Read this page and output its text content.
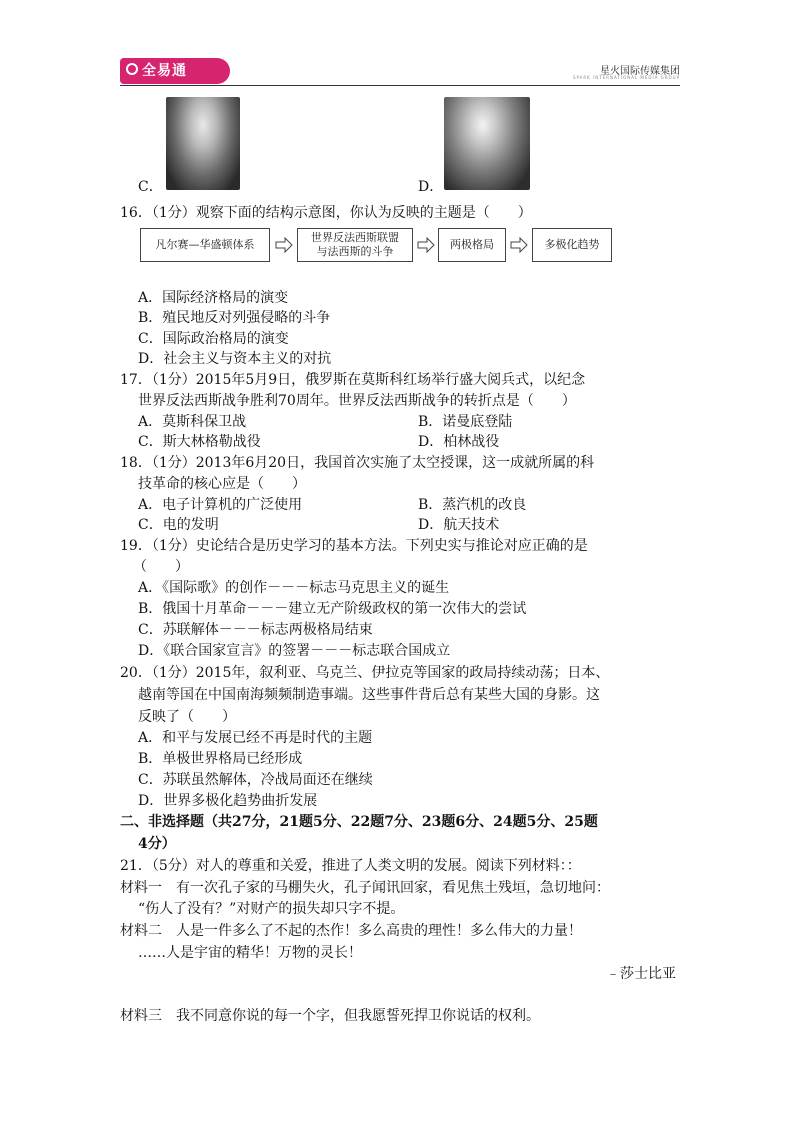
全易通	星火国际传媒集团
SPARK INTERNATIONAL MEDIA GROUP
C．	D．
16．（1分）观察下面的结构示意图，你认为反映的主题是（　　）
凡尔赛—华盛顿体系
世界反法西斯联盟
与法西斯的斗争
两极格局	多极化趋势
A．国际经济格局的演变
B．殖民地反对列强侵略的斗争
C．国际政治格局的演变
D．社会主义与资本主义的对抗
17．（1分）2015年5月9日，俄罗斯在莫斯科红场举行盛大阅兵式，以纪念
世界反法西斯战争胜利70周年。世界反法西斯战争的转折点是（　　）
A．莫斯科保卫战	B．诺曼底登陆
C．斯大林格勒战役	D．柏林战役
18．（1分）2013年6月20日，我国首次实施了太空授课，这一成就所属的科
技革命的核心应是（　　）
A．电子计算机的广泛使用	B．蒸汽机的改良
C．电的发明	D．航天技术
19．（1分）史论结合是历史学习的基本方法。下列史实与推论对应正确的是
（　　）
A．《国际歌》的创作－－－标志马克思主义的诞生
B．俄国十月革命－－－建立无产阶级政权的第一次伟大的尝试
C．苏联解体－－－标志两极格局结束
D．《联合国家宣言》的签署－－－标志联合国成立
20．（1分）2015年，叙利亚、乌克兰、伊拉克等国家的政局持续动荡；日本、
越南等国在中国南海频频制造事端。这些事件背后总有某些大国的身影。这
反映了（　　）
A．和平与发展已经不再是时代的主题
B．单极世界格局已经形成
C．苏联虽然解体，冷战局面还在继续
D．世界多极化趋势曲折发展
二、非选择题（共27分，21题5分、22题7分、23题6分、24题5分、25题
4分）
21．（5分）对人的尊重和关爱，推进了人类文明的发展。阅读下列材料：：
材料一　有一次孔子家的马棚失火，孔子闻讯回家，看见焦土残垣，急切地问：
“伤人了没有？”对财产的损失却只字不提。
材料二　人是一件多么了不起的杰作！多么高贵的理性！多么伟大的力量！
……人是宇宙的精华！万物的灵长！
﹣莎士比亚
材料三　我不同意你说的每一个字，但我愿誓死捍卫你说话的权利。
